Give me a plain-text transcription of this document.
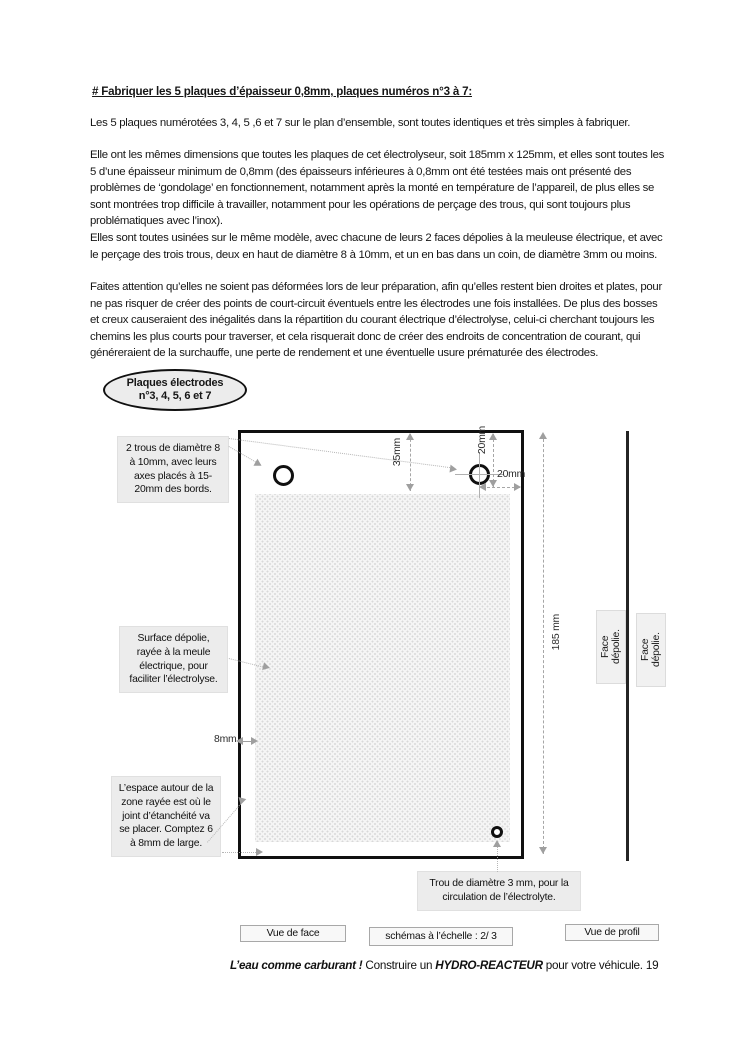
# Fabriquer les 5 plaques d’épaisseur 0,8mm, plaques numéros n°3 à 7:

Les 5 plaques numérotées 3, 4, 5 ,6 et 7 sur le plan d’ensemble, sont toutes identiques et très simples à fabriquer.

Elle ont les mêmes dimensions que toutes les plaques de cet électrolyseur, soit 185mm x 125mm, et elles sont toutes les 5 d’une épaisseur minimum de 0,8mm (des épaisseurs inférieures à 0,8mm ont été testées mais ont présenté des problèmes de ‘gondolage’ en fonctionnement, notamment après la monté en température de l’appareil, de plus elles se sont montrées trop difficile à travailler, notamment pour les opérations de perçage des trous, qui sont toujours plus problématiques avec l’inox).

Elles sont toutes usinées sur le même modèle, avec chacune de leurs 2 faces dépolies à la meuleuse électrique, et avec le perçage des trois trous, deux en haut de diamètre 8 à 10mm, et un en bas dans un coin, de diamètre 3mm ou moins.

Faites attention qu’elles ne soient pas déformées lors de leur préparation, afin qu’elles restent bien droites et plates, pour ne pas risquer de créer des points de court-circuit éventuels entre les électrodes une fois installées. De plus des bosses et creux causeraient des inégalités dans la répartition du courant électrique d’électrolyse, celui-ci cherchant toujours les chemins les plus courts pour traverser, et cela risquerait donc de créer des endroits de concentration de courant, qui généreraient de la surchauffe, une perte de rendement et une éventuelle usure prématurée des électrodes.

Plaques électrodes
n°3, 4, 5, 6 et 7
2 trous de diamètre 8 à 10mm, avec leurs axes placés à 15-20mm des bords.
Surface dépolie, rayée à la meule électrique, pour faciliter l’électrolyse.
L’espace autour de la zone rayée est où le joint d’étanchéité va se placer. Comptez 6 à 8mm de large.
Trou de diamètre 3 mm, pour la circulation de l’électrolyte.
35mm	20mm
20mm
8mm
185 mm	Face dépolie.	Face dépolie.
Vue de face	schémas à l’échelle : 2/ 3	Vue de profil
L’eau comme carburant ! Construire un HYDRO-REACTEUR pour votre véhicule. 19
